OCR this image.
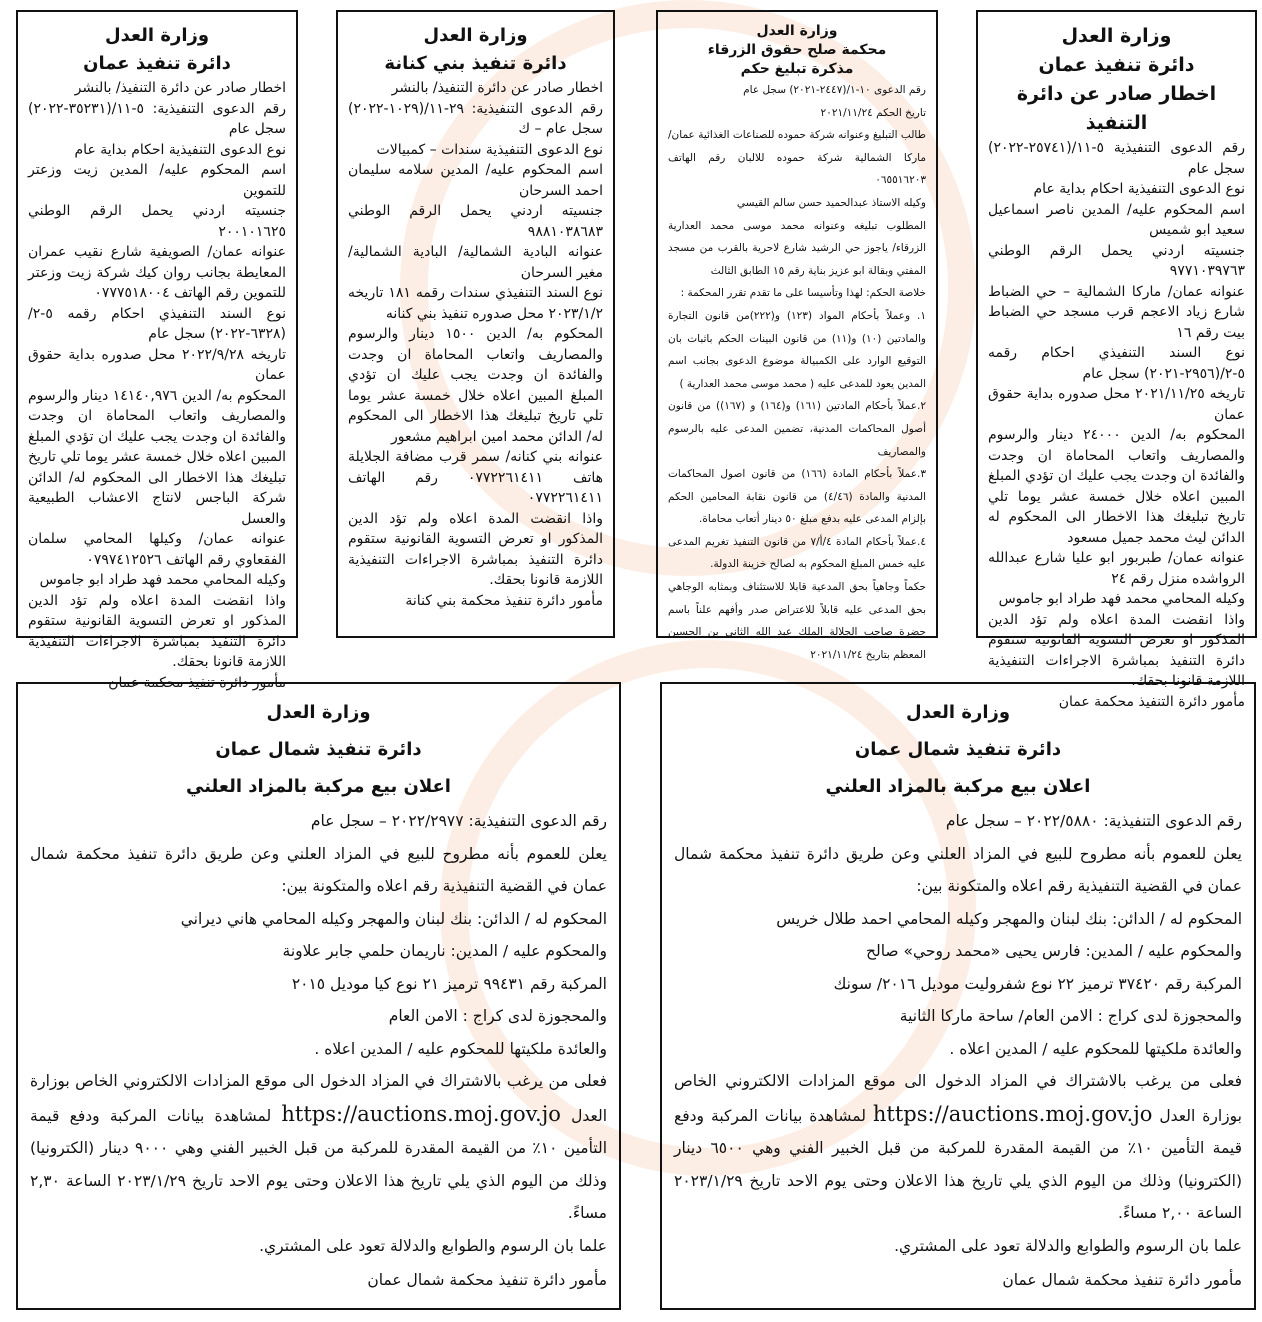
وزارة العدل
دائرة تنفيذ عمان
اخطار صادر عن دائرة التنفيذ

رقم الدعوى التنفيذية ٥-١١/(٢٥٧٤١-٢٠٢٢) سجل عام

نوع الدعوى التنفيذية احكام بداية عام

اسم المحكوم عليه/ المدين ناصر اسماعيل سعيد ابو شميس

جنسيته اردني يحمل الرقم الوطني ٩٧٧١٠٣٩٧٦٣

عنوانه عمان/ ماركا الشمالية – حي الضباط شارع زياد الاعجم قرب مسجد حي الضباط بيت رقم ١٦

نوع السند التنفيذي احكام رقمه ٥-٢/(٢٩٥٦-٢٠٢١) سجل عام

تاريخه ٢٠٢١/١١/٢٥ محل صدوره بداية حقوق عمان

المحكوم به/ الدين ٢٤٠٠٠ دينار والرسوم والمصاريف واتعاب المحاماة ان وجدت والفائدة ان وجدت يجب عليك ان تؤدي المبلغ المبين اعلاه خلال خمسة عشر يوما تلي تاريخ تبليغك هذا الاخطار الى المحكوم له الدائن ليث محمد جميل مسعود

عنوانه عمان/ طبربور ابو عليا شارع عبدالله الرواشده منزل رقم ٢٤

وكيله المحامي محمد فهد طراد ابو جاموس

واذا انقضت المدة اعلاه ولم تؤد الدين المذكور او تعرض التسوية القانونية ستقوم دائرة التنفيذ بمباشرة الاجراءات التنفيذية اللازمة قانونا بحقك.

مأمور دائرة التنفيذ محكمة عمان

وزارة العدل
محكمة صلح حقوق الزرقاء
مذكرة تبليغ حكم

رقم الدعوى ١٠-١/(٢٤٤٧-٢٠٢١) سجل عام

تاريخ الحكم ٢٠٢١/١١/٢٤

طالب التبليغ وعنوانه شركة حموده للصناعات الغذائية عمان/ ماركا الشمالية شركة حموده للالبان رقم الهاتف ٠٦٥٥١٦٢٠٣

وكيله الاستاذ عبدالحميد حسن سالم القيسي

المطلوب تبليغه وعنوانه محمد موسى محمد العدارية الزرقاء/ ياجوز حي الرشيد شارع لاحرية بالقرب من مسجد المفتي وبقالة ابو عزيز بناية رقم ١٥ الطابق الثالث

خلاصة الحكم: لهذا وتأسيسا على ما تقدم تقرر المحكمة :

١. وعملاً بأحكام المواد (١٢٣) و(٢٢٢)من قانون التجارة والمادتين (١٠) و(١١) من قانون البينات الحكم باثبات بان التوقيع الوارد على الكمبيالة موضوع الدعوى بجانب اسم المدين يعود للمدعى عليه ( محمد موسى محمد العدارية )

٢.عملاً بأحكام المادتين (١٦١) و(١٦٤) و (١٦٧)) من قانون أصول المحاكمات المدنية، تضمين المدعى عليه بالرسوم والمصاريف

٣.عملاً بأحكام المادة (١٦٦) من قانون اصول المحاكمات المدنية والمادة (٤/٤٦) من قانون نقابة المحامين الحكم بإلزام المدعى عليه بدفع مبلغ ٥٠ دينار أتعاب محاماة.

٤.عملاً بأحكام المادة ٤/أ/٧ من قانون التنفيذ تغريم المدعى عليه خمس المبلغ المحكوم به لصالح خزينة الدولة.

حكماً وجاهياً بحق المدعية قابلا للاستئناف وبمثابه الوجاهي بحق المدعى عليه قابلاً للاعتراض صدر وأفهم علناً باسم حضرة صاحب الجلالة الملك عبد الله الثاني بن الحسين المعظم بتاريخ ٢٠٢١/١١/٢٤

وزارة العدل
دائرة تنفيذ بني كنانة

اخطار صادر عن دائرة التنفيذ/ بالنشر

رقم الدعوى التنفيذية: ٢٩-١١/(١٠٢٩-٢٠٢٢) سجل عام – ك

نوع الدعوى التنفيذية سندات – كمبيالات

اسم المحكوم عليه/ المدين سلامه سليمان احمد السرحان

جنسيته اردني يحمل الرقم الوطني ٩٨٨١٠٣٨٦٨٣

عنوانه البادية الشمالية/ البادية الشمالية/ مغير السرحان

نوع السند التنفيذي سندات رقمه ١٨١ تاريخه ٢٠٢٣/١/٢ محل صدوره تنفيذ بني كنانه

المحكوم به/ الدين ١٥٠٠ دينار والرسوم والمصاريف واتعاب المحاماة ان وجدت والفائدة ان وجدت يجب عليك ان تؤدي المبلغ المبين اعلاه خلال خمسة عشر يوما تلي تاريخ تبليغك هذا الاخطار الى المحكوم له/ الدائن محمد امين ابراهيم مشعور

عنوانه بني كنانه/ سمر قرب مضافة الجلايلة هاتف ٠٧٧٢٢٦١٤١١ رقم الهاتف ٠٧٧٢٢٦١٤١١

واذا انقضت المدة اعلاه ولم تؤد الدين المذكور او تعرض التسوية القانونية ستقوم دائرة التنفيذ بمباشرة الاجراءات التنفيذية اللازمة قانونا بحقك.

مأمور دائرة تنفيذ محكمة بني كنانة

وزارة العدل
دائرة تنفيذ عمان

اخطار صادر عن دائرة التنفيذ/ بالنشر

رقم الدعوى التنفيذية: ٥-١١/(٣٥٢٣١-٢٠٢٢) سجل عام

نوع الدعوى التنفيذية احكام بداية عام

اسم المحكوم عليه/ المدين زيت وزعتر للتموين

جنسيته اردني يحمل الرقم الوطني ٢٠٠١٠١٦٢٥

عنوانه عمان/ الصويفية شارع نقيب عمران المعايطة بجانب روان كيك شركة زيت وزعتر للتموين رقم الهاتف ٠٧٧٧٥١٨٠٠٤

نوع السند التنفيذي احكام رقمه ٥-٢/ (٦٣٢٨-٢٠٢٢) سجل عام

تاريخه ٢٠٢٢/٩/٢٨ محل صدوره بداية حقوق عمان

المحكوم به/ الدين ١٤١٤٠,٩٧٦ دينار والرسوم والمصاريف واتعاب المحاماة ان وجدت والفائدة ان وجدت يجب عليك ان تؤدي المبلغ المبين اعلاه خلال خمسة عشر يوما تلي تاريخ تبليغك هذا الاخطار الى المحكوم له/ الدائن شركة الباجس لانتاج الاعشاب الطبيعية والعسل

عنوانه عمان/ وكيلها المحامي سلمان الفقعاوي رقم الهاتف ٠٧٩٧٤١٢٥٢٦

وكيله المحامي محمد فهد طراد ابو جاموس

واذا انقضت المدة اعلاه ولم تؤد الدين المذكور او تعرض التسوية القانونية ستقوم دائرة التنفيذ بمباشرة الاجراءات التنفيذية اللازمة قانونا بحقك.

مأمور دائرة تنفيذ محكمة عمان

وزارة العدل
دائرة تنفيذ شمال عمان
اعلان بيع مركبة بالمزاد العلني

رقم الدعوى التنفيذية: ٢٠٢٢/٥٨٨٠ – سجل عام

يعلن للعموم بأنه مطروح للبيع في المزاد العلني وعن طريق دائرة تنفيذ محكمة شمال عمان في القضية التنفيذية رقم اعلاه والمتكونة بين:

المحكوم له / الدائن: بنك لبنان والمهجر وكيله المحامي احمد طلال خريس

والمحكوم عليه / المدين: فارس يحيى «محمد روحي» صالح

المركبة رقم ٣٧٤٢٠ ترميز ٢٢ نوع شفروليت موديل ٢٠١٦/ سونك

والمحجوزة لدى كراج : الامن العام/ ساحة ماركا الثانية

والعائدة ملكيتها للمحكوم عليه / المدين اعلاه .

فعلى من يرغب بالاشتراك في المزاد الدخول الى موقع المزادات الالكتروني الخاص بوزارة العدل https://auctions.moj.gov.jo لمشاهدة بيانات المركبة ودفع قيمة التأمين ١٠٪ من القيمة المقدرة للمركبة من قبل الخبير الفني وهي ٦٥٠٠ دينار (الكترونيا) وذلك من اليوم الذي يلي تاريخ هذا الاعلان وحتى يوم الاحد تاريخ ٢٠٢٣/١/٢٩ الساعة ٢,٠٠ مساءً.

علما بان الرسوم والطوابع والدلالة تعود على المشتري.

مأمور دائرة تنفيذ محكمة شمال عمان

وزارة العدل
دائرة تنفيذ شمال عمان
اعلان بيع مركبة بالمزاد العلني

رقم الدعوى التنفيذية: ٢٠٢٢/٢٩٧٧ – سجل عام

يعلن للعموم بأنه مطروح للبيع في المزاد العلني وعن طريق دائرة تنفيذ محكمة شمال عمان في القضية التنفيذية رقم اعلاه والمتكونة بين:

المحكوم له / الدائن: بنك لبنان والمهجر وكيله المحامي هاني ديراني

والمحكوم عليه / المدين: ناريمان حلمي جابر علاونة

المركبة رقم ٩٩٤٣١ ترميز ٢١ نوع كيا موديل ٢٠١٥

والمحجوزة لدى كراج : الامن العام

والعائدة ملكيتها للمحكوم عليه / المدين اعلاه .

فعلى من يرغب بالاشتراك في المزاد الدخول الى موقع المزادات الالكتروني الخاص بوزارة العدل https://auctions.moj.gov.jo لمشاهدة بيانات المركبة ودفع قيمة التأمين ١٠٪ من القيمة المقدرة للمركبة من قبل الخبير الفني وهي ٩٠٠٠ دينار (الكترونيا) وذلك من اليوم الذي يلي تاريخ هذا الاعلان وحتى يوم الاحد تاريخ ٢٠٢٣/١/٢٩ الساعة ٢,٣٠ مساءً.

علما بان الرسوم والطوابع والدلالة تعود على المشتري.

مأمور دائرة تنفيذ محكمة شمال عمان
